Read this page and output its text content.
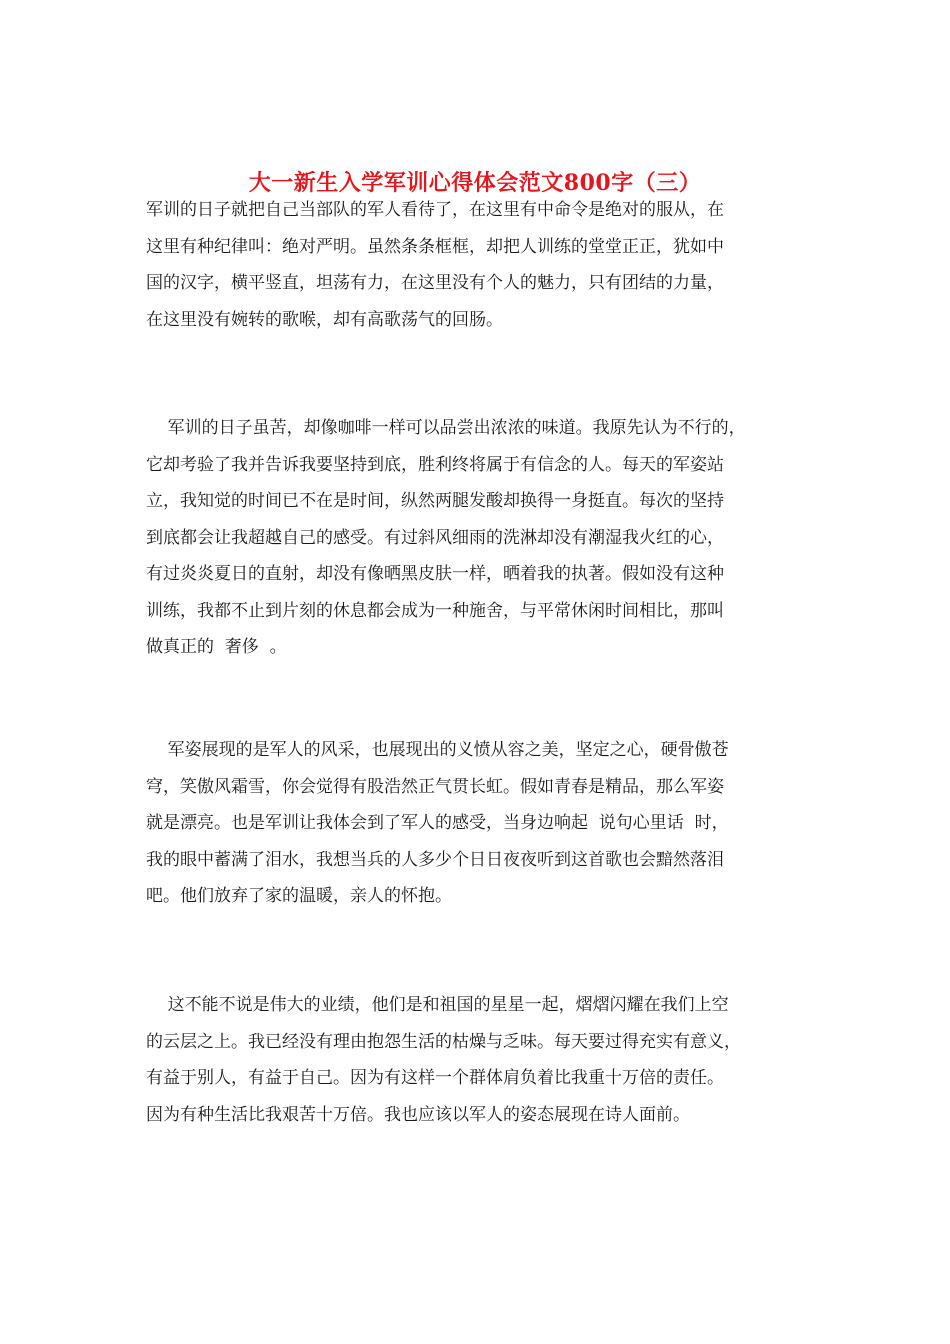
大一新生入学军训心得体会范文800字（三）

军训的日子就把自己当部队的军人看待了，在这里有中命令是绝对的服从，在
这里有种纪律叫：绝对严明。虽然条条框框，却把人训练的堂堂正正，犹如中
国的汉字，横平竖直，坦荡有力，在这里没有个人的魅力，只有团结的力量，
在这里没有婉转的歌喉，却有高歌荡气的回肠。

军训的日子虽苦，却像咖啡一样可以品尝出浓浓的味道。我原先认为不行的，
它却考验了我并告诉我要坚持到底，胜利终将属于有信念的人。每天的军姿站
立，我知觉的时间已不在是时间，纵然两腿发酸却换得一身挺直。每次的坚持
到底都会让我超越自己的感受。有过斜风细雨的洗淋却没有潮湿我火红的心，
有过炎炎夏日的直射，却没有像晒黑皮肤一样，晒着我的执著。假如没有这种
训练，我都不止到片刻的休息都会成为一种施舍，与平常休闲时间相比，那叫
做真正的  奢侈  。

军姿展现的是军人的风采，也展现出的义愤从容之美，坚定之心，硬骨傲苍
穹，笑傲风霜雪，你会觉得有股浩然正气贯长虹。假如青春是精品，那么军姿
就是漂亮。也是军训让我体会到了军人的感受，当身边响起  说句心里话  时，
我的眼中蓄满了泪水，我想当兵的人多少个日日夜夜听到这首歌也会黯然落泪
吧。他们放弃了家的温暖，亲人的怀抱。

这不能不说是伟大的业绩，他们是和祖国的星星一起，熠熠闪耀在我们上空
的云层之上。我已经没有理由抱怨生活的枯燥与乏味。每天要过得充实有意义，
有益于别人，有益于自己。因为有这样一个群体肩负着比我重十万倍的责任。
因为有种生活比我艰苦十万倍。我也应该以军人的姿态展现在诗人面前。
